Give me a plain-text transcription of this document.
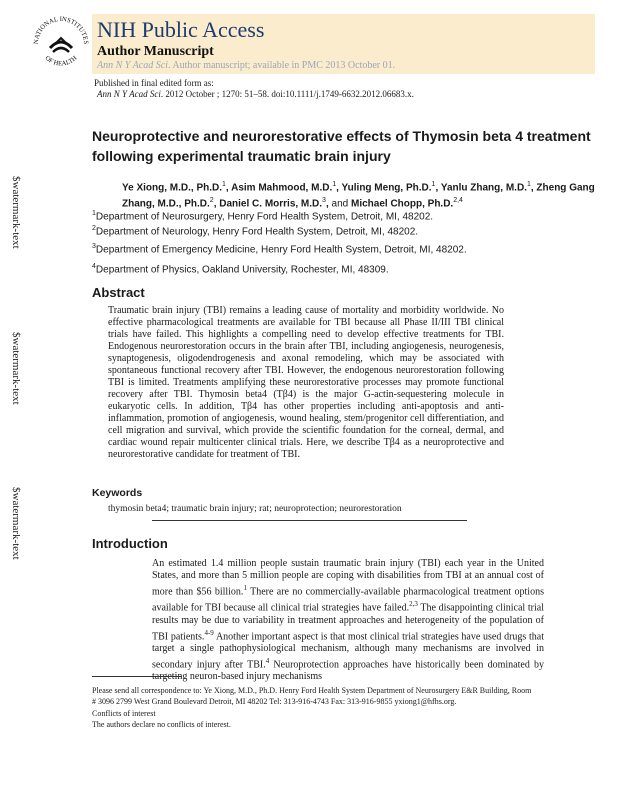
NATIONAL INSTITUTES
OF HEALTH
NIH Public Access
Author Manuscript
Ann N Y Acad Sci. Author manuscript; available in PMC 2013 October 01.
Published in final edited form as:
Ann N Y Acad Sci. 2012 October ; 1270: 51–58. doi:10.1111/j.1749-6632.2012.06683.x.
$watermark-text
$watermark-text
$watermark-text
Neuroprotective and neurorestorative effects of Thymosin beta 4 treatment following experimental traumatic brain injury
Ye Xiong, M.D., Ph.D.$^1$, Asim Mahmood, M.D.$^1$, Yuling Meng, Ph.D.$^1$, Yanlu Zhang, M.D.$^1$, Zheng Gang Zhang, M.D., Ph.D.$^2$, Daniel C. Morris, M.D.$^3$, and Michael Chopp, Ph.D.$^{2,4}$
$^1$Department of Neurosurgery, Henry Ford Health System, Detroit, MI, 48202.
$^2$Department of Neurology, Henry Ford Health System, Detroit, MI, 48202.
$^3$Department of Emergency Medicine, Henry Ford Health System, Detroit, MI, 48202.
$^4$Department of Physics, Oakland University, Rochester, MI, 48309.
Abstract
Traumatic brain injury (TBI) remains a leading cause of mortality and morbidity worldwide. No effective pharmacological treatments are available for TBI because all Phase II/III TBI clinical trials have failed. This highlights a compelling need to develop effective treatments for TBI. Endogenous neurorestoration occurs in the brain after TBI, including angiogenesis, neurogenesis, synaptogenesis, oligodendrogenesis and axonal remodeling, which may be associated with spontaneous functional recovery after TBI. However, the endogenous neurorestoration following TBI is limited. Treatments amplifying these neurorestorative processes may promote functional recovery after TBI. Thymosin beta4 (Tβ4) is the major G-actin-sequestering molecule in eukaryotic cells. In addition, Tβ4 has other properties including anti-apoptosis and anti-inflammation, promotion of angiogenesis, wound healing, stem/progenitor cell differentiation, and cell migration and survival, which provide the scientific foundation for the corneal, dermal, and cardiac wound repair multicenter clinical trials. Here, we describe Tβ4 as a neuroprotective and neurorestorative candidate for treatment of TBI.
Keywords
thymosin beta4; traumatic brain injury; rat; neuroprotection; neurorestoration
Introduction
An estimated 1.4 million people sustain traumatic brain injury (TBI) each year in the United States, and more than 5 million people are coping with disabilities from TBI at an annual cost of more than $56 billion.$^1$ There are no commercially-available pharmacological treatment options available for TBI because all clinical trial strategies have failed.$^{2,3}$ The disappointing clinical trial results may be due to variability in treatment approaches and heterogeneity of the population of TBI patients.$^{4-9}$ Another important aspect is that most clinical trial strategies have used drugs that target a single pathophysiological mechanism, although many mechanisms are involved in secondary injury after TBI.$^4$ Neuroprotection approaches have historically been dominated by targeting neuron-based injury mechanisms
Please send all correspondence to: Ye Xiong, M.D., Ph.D. Henry Ford Health System Department of Neurosurgery E&R Building, Room # 3096 2799 West Grand Boulevard Detroit, MI 48202 Tel: 313-916-4743 Fax: 313-916-9855 yxiong1@hfhs.org.
Conflicts of interest
The authors declare no conflicts of interest.
